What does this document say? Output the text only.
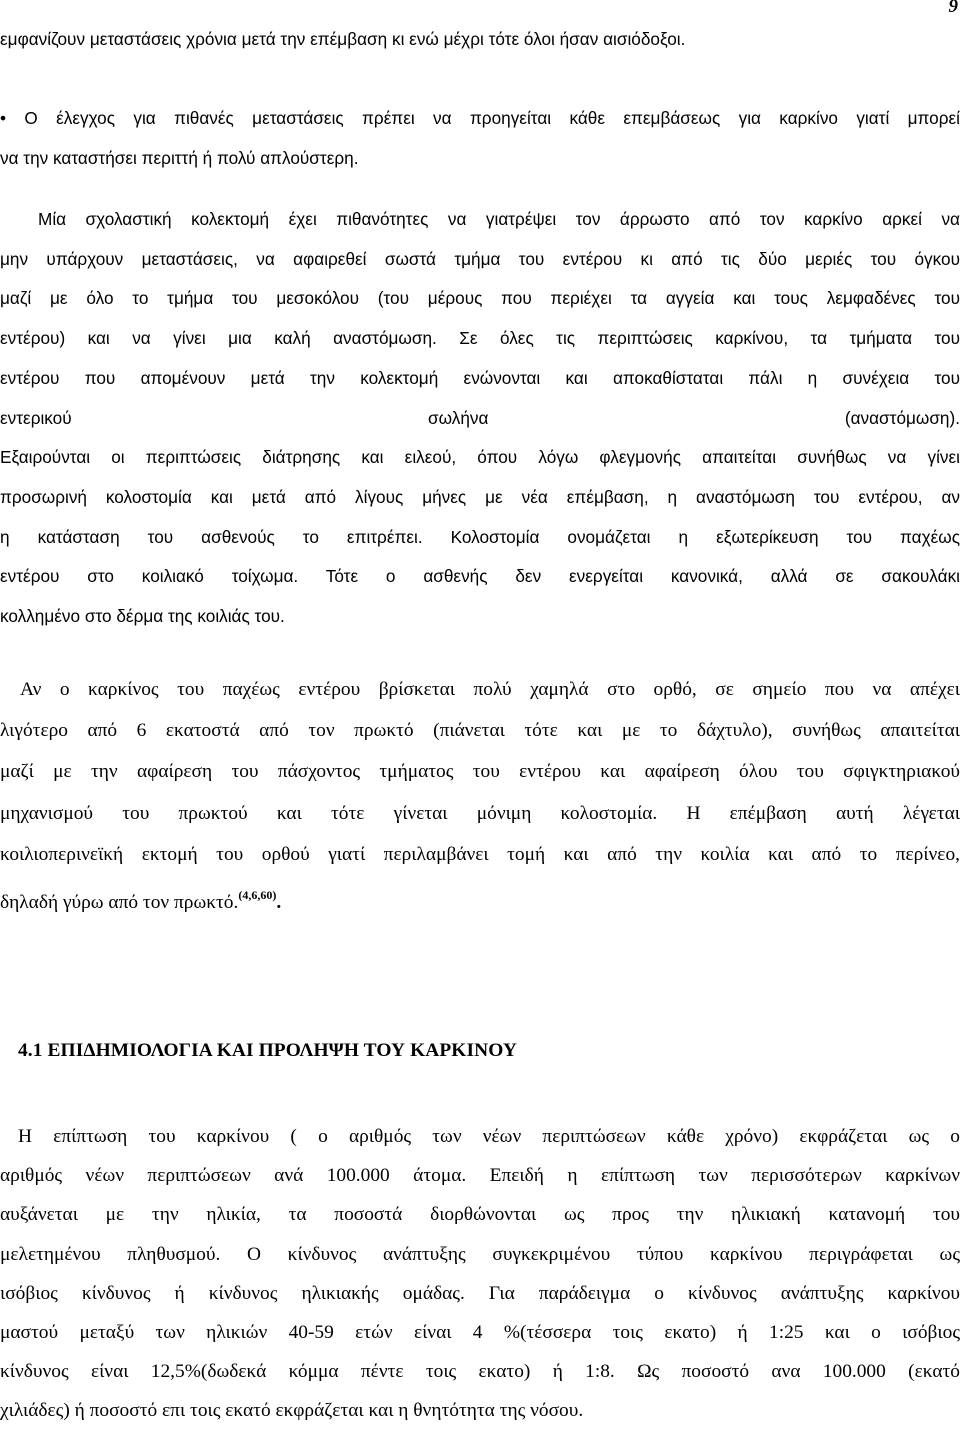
9
εμφανίζουν μεταστάσεις χρόνια μετά την επέμβαση κι ενώ μέχρι τότε όλοι ήσαν αισιόδοξοι.
• Ο έλεγχος για πιθανές μεταστάσεις πρέπει να προηγείται κάθε επεμβάσεως για καρκίνο γιατί μπορεί
να την καταστήσει περιττή ή πολύ απλούστερη.
Μία σχολαστική κολεκτομή έχει πιθανότητες να γιατρέψει τον άρρωστο από τον καρκίνο αρκεί να
μην υπάρχουν μεταστάσεις, να αφαιρεθεί σωστά τμήμα του εντέρου κι από τις δύο μεριές του όγκου
μαζί με όλο το τμήμα του μεσοκόλου (του μέρους που περιέχει τα αγγεία και τους λεμφαδένες του
εντέρου) και να γίνει μια καλή αναστόμωση. Σε όλες τις περιπτώσεις καρκίνου, τα τμήματα του
εντέρου που απομένουν μετά την κολεκτομή ενώνονται και αποκαθίσταται πάλι η συνέχεια του
εντερικού σωλήνα (αναστόμωση).
Εξαιρούνται οι περιπτώσεις διάτρησης και ειλεού, όπου λόγω φλεγμονής απαιτείται συνήθως να γίνει
προσωρινή κολοστομία και μετά από λίγους μήνες με νέα επέμβαση, η αναστόμωση του εντέρου, αν
η κατάσταση του ασθενούς το επιτρέπει. Κολοστομία ονομάζεται η εξωτερίκευση του παχέως
εντέρου στο κοιλιακό τοίχωμα. Τότε ο ασθενής δεν ενεργείται κανονικά, αλλά σε σακουλάκι
κολλημένο στο δέρμα της κοιλιάς του.
Αν ο καρκίνος του παχέως εντέρου βρίσκεται πολύ χαμηλά στο ορθό, σε σημείο που να απέχει
λιγότερο από 6 εκατοστά από τον πρωκτό (πιάνεται τότε και με το δάχτυλο), συνήθως απαιτείται
μαζί με την αφαίρεση του πάσχοντος τμήματος του εντέρου και αφαίρεση όλου του σφιγκτηριακού
μηχανισμού του πρωκτού και τότε γίνεται μόνιμη κολοστομία. Η επέμβαση αυτή λέγεται
κοιλιοπερινεϊκή εκτομή του ορθού γιατί περιλαμβάνει τομή και από την κοιλία και από το περίνεο,
δηλαδή γύρω από τον πρωκτό.$^{(4,6,60)}$.
4.1 ΕΠΙΔΗΜΙΟΛΟΓΙΑ ΚΑΙ ΠΡΟΛΗΨΗ ΤΟΥ ΚΑΡΚΙΝΟΥ
Η επίπτωση του καρκίνου ( ο αριθμός των νέων περιπτώσεων κάθε χρόνο) εκφράζεται ως ο
αριθμός νέων περιπτώσεων ανά 100.000 άτομα. Επειδή η επίπτωση των περισσότερων καρκίνων
αυξάνεται με την ηλικία, τα ποσοστά διορθώνονται ως προς την ηλικιακή κατανομή του
μελετημένου πληθυσμού. Ο κίνδυνος ανάπτυξης συγκεκριμένου τύπου καρκίνου περιγράφεται ως
ισόβιος κίνδυνος ή κίνδυνος ηλικιακής ομάδας. Για παράδειγμα ο κίνδυνος ανάπτυξης καρκίνου
μαστού μεταξύ των ηλικιών 40-59 ετών είναι 4 %(τέσσερα τοις εκατο) ή 1:25 και ο ισόβιος
κίνδυνος είναι 12,5%(δωδεκά κόμμα πέντε τοις εκατο) ή 1:8. Ως ποσοστό ανα 100.000 (εκατό
χιλιάδες) ή ποσοστό επι τοις εκατό εκφράζεται και η θνητότητα της νόσου.
